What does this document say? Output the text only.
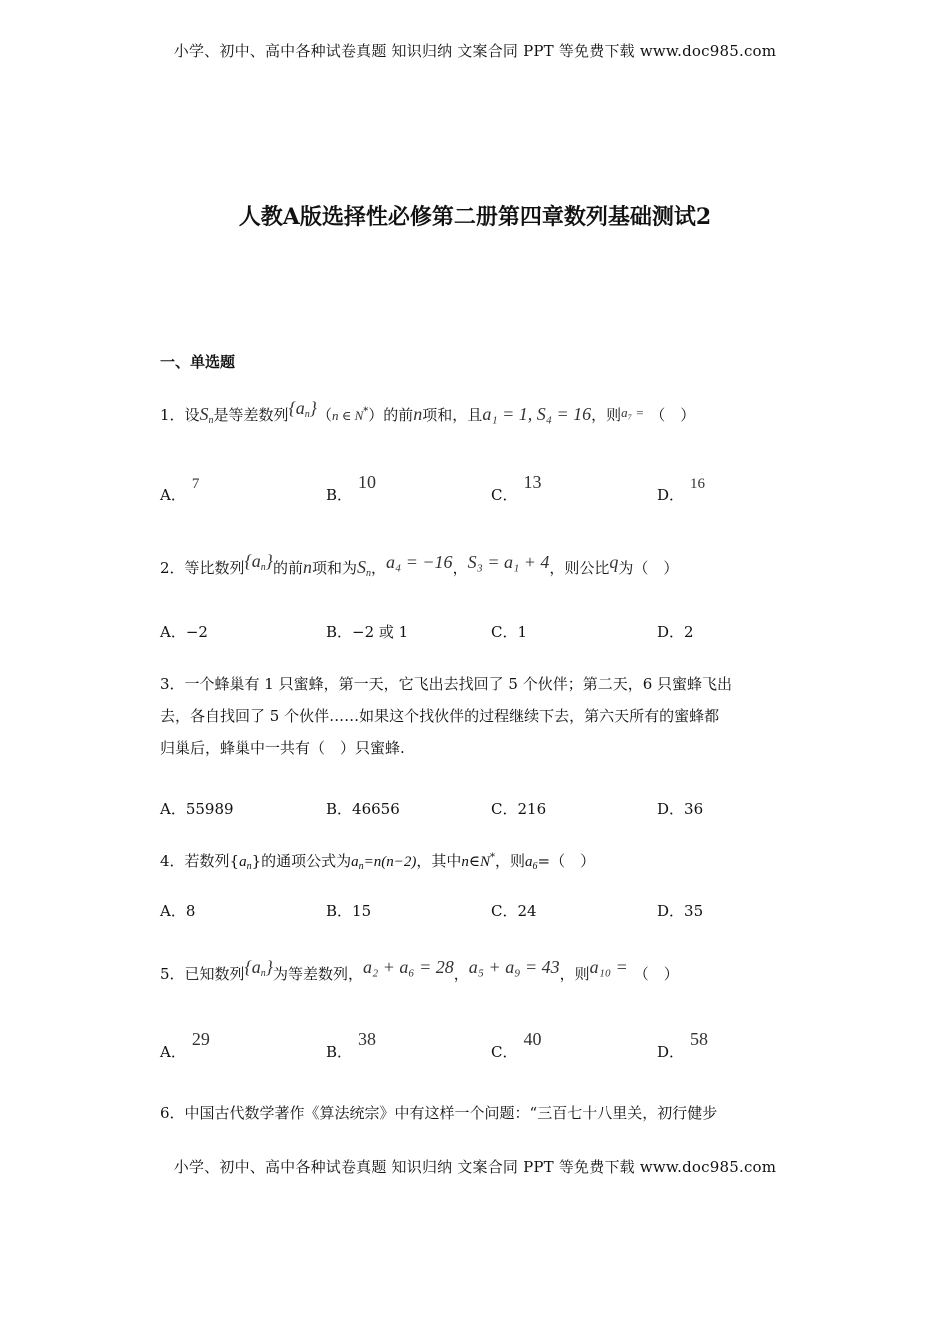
小学、初中、高中各种试卷真题 知识归纳 文案合同 PPT 等免费下载 www.doc985.com
人教A版选择性必修第二册第四章数列基础测试2
一、单选题
1．设$S_n$是等差数列$\{a_n\}(n$ ∈ N*）的前n项和，且a₁ = 1, S₄ = 16，则a₇ = （　）
A．7
B．10
C．13
D．16
2．等比数列$\{a_n\}$的前n项和为$S_n$，a₄ = −16，S₃ = a₁ + 4，则公比q为（　）
A．−2	B．−2 或 1	C．1	D．2
3．一个蜂巢有 1 只蜜蜂，第一天，它飞出去找回了 5 个伙伴；第二天，6 只蜜蜂飞出
去，各自找回了 5 个伙伴……如果这个找伙伴的过程继续下去，第六天所有的蜜蜂都
归巢后，蜂巢中一共有（　）只蜜蜂.
A．55989	B．46656	C．216	D．36
4．若数列$\{a_n\}$的通项公式为$a_n=n(n-2)$，其中n∈N*，则$a_6=$（　）
A．8	B．15	C．24	D．35
5．已知数列$\{a_n\}$为等差数列，a₂ + a₆ = 28，a₅ + a₉ = 43，则a₁₀ = （　）
A．29
B．38
C．40
D．58
6．中国古代数学著作《算法统宗》中有这样一个问题：“三百七十八里关，初行健步
小学、初中、高中各种试卷真题 知识归纳 文案合同 PPT 等免费下载 www.doc985.com
